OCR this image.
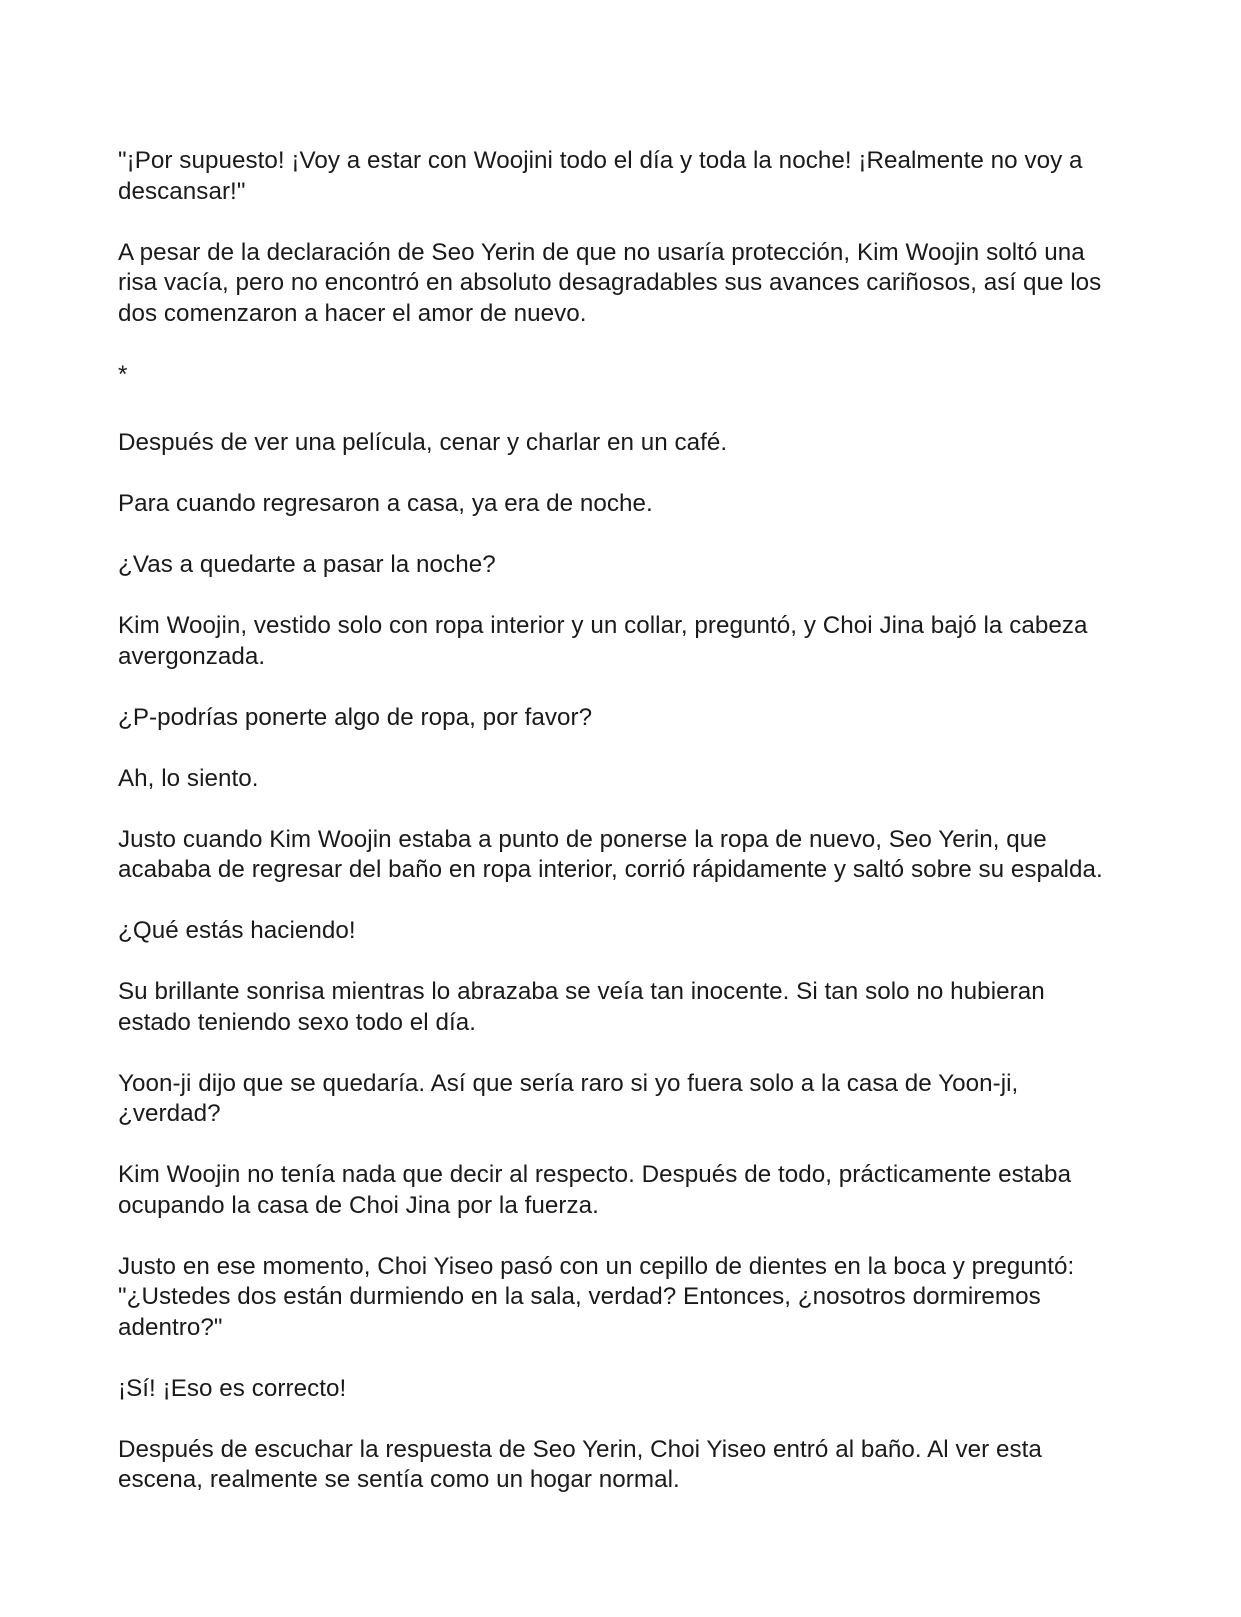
"¡Por supuesto! ¡Voy a estar con Woojini todo el día y toda la noche! ¡Realmente no voy a descansar!"

A pesar de la declaración de Seo Yerin de que no usaría protección, Kim Woojin soltó una risa vacía, pero no encontró en absoluto desagradables sus avances cariñosos, así que los dos comenzaron a hacer el amor de nuevo.

*

Después de ver una película, cenar y charlar en un café.

Para cuando regresaron a casa, ya era de noche.

¿Vas a quedarte a pasar la noche?

Kim Woojin, vestido solo con ropa interior y un collar, preguntó, y Choi Jina bajó la cabeza avergonzada.

¿P-podrías ponerte algo de ropa, por favor?

Ah, lo siento.

Justo cuando Kim Woojin estaba a punto de ponerse la ropa de nuevo, Seo Yerin, que acababa de regresar del baño en ropa interior, corrió rápidamente y saltó sobre su espalda.

¿Qué estás haciendo!

Su brillante sonrisa mientras lo abrazaba se veía tan inocente. Si tan solo no hubieran estado teniendo sexo todo el día.

Yoon-ji dijo que se quedaría. Así que sería raro si yo fuera solo a la casa de Yoon-ji, ¿verdad?

Kim Woojin no tenía nada que decir al respecto. Después de todo, prácticamente estaba ocupando la casa de Choi Jina por la fuerza.

Justo en ese momento, Choi Yiseo pasó con un cepillo de dientes en la boca y preguntó: "¿Ustedes dos están durmiendo en la sala, verdad? Entonces, ¿nosotros dormiremos adentro?"

¡Sí! ¡Eso es correcto!

Después de escuchar la respuesta de Seo Yerin, Choi Yiseo entró al baño. Al ver esta escena, realmente se sentía como un hogar normal.
